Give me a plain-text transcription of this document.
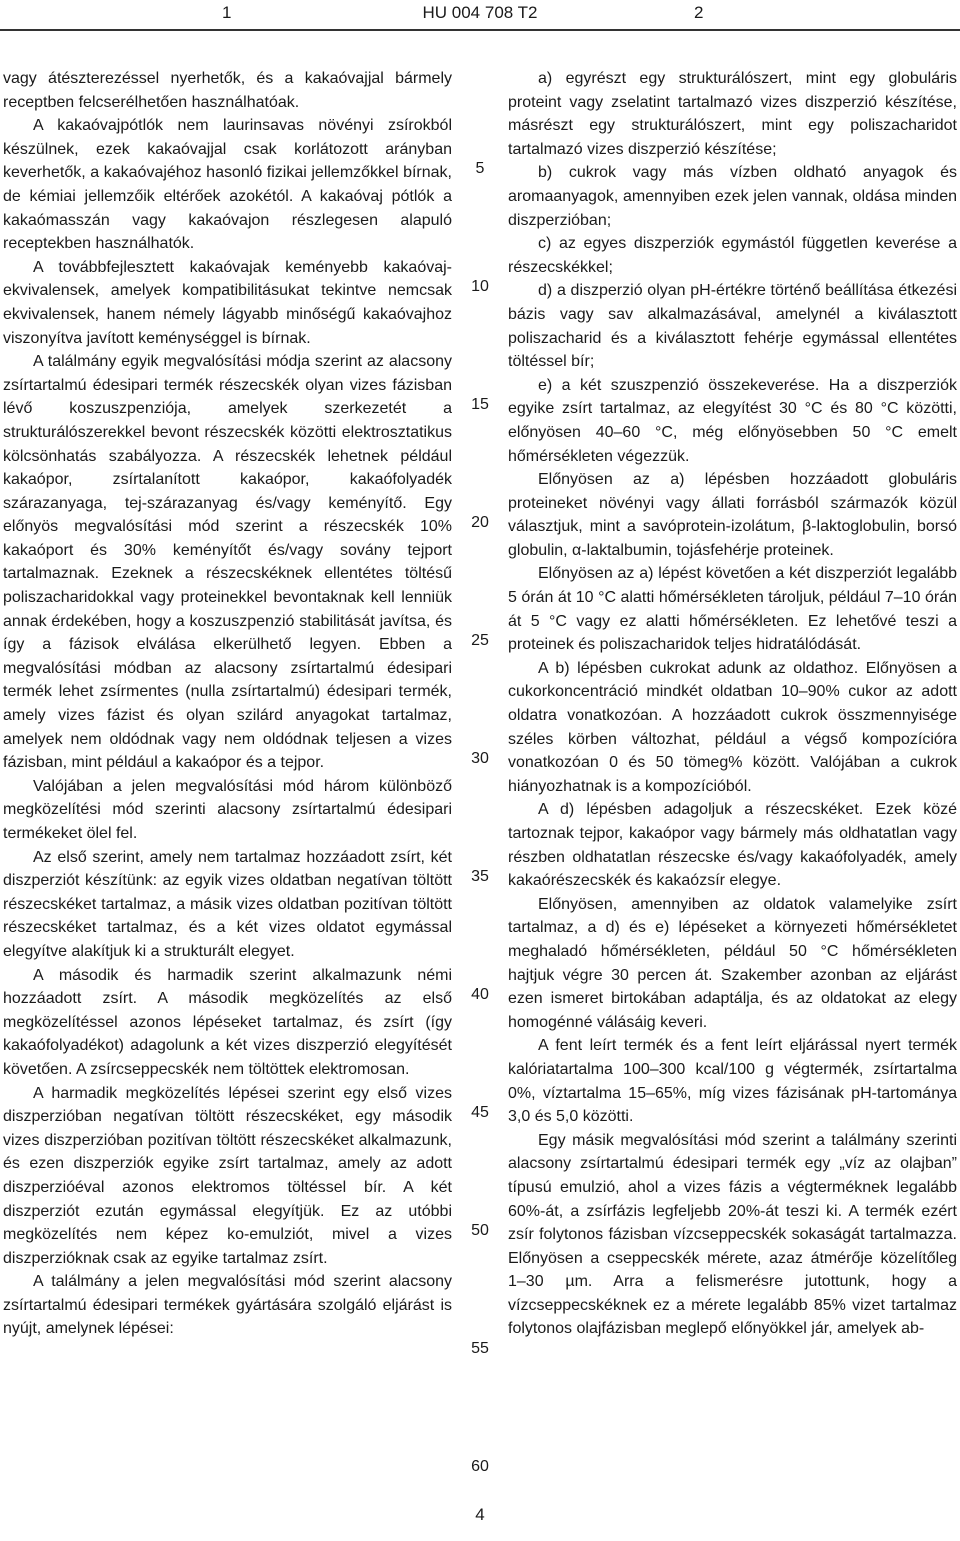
1	HU 004 708 T2	2

vagy átészterezéssel nyerhetők, és a kakaóvajjal bármely receptben felcserélhetően használhatóak.

A kakaóvajpótlók nem laurinsavas növényi zsírokból készülnek, ezek kakaóvajjal csak korlátozott arányban keverhetők, a kakaóvajéhoz hasonló fizikai jellemzőkkel bírnak, de kémiai jellemzőik eltérőek azokétól. A kakaóvaj pótlók a kakaómasszán vagy kakaóvajon részlegesen alapuló receptekben használhatók.

A továbbfejlesztett kakaóvajak keményebb kakaóvaj-ekvivalensek, amelyek kompatibilitásukat tekintve nemcsak ekvivalensek, hanem némely lágyabb minőségű kakaóvajhoz viszonyítva javított keménységgel is bírnak.

A találmány egyik megvalósítási módja szerint az alacsony zsírtartalmú édesipari termék részecskék olyan vizes fázisban lévő koszuszpenziója, amelyek szerkezetét a strukturálószerekkel bevont részecskék közötti elektrosztatikus kölcsönhatás szabályozza. A részecskék lehetnek például kakaópor, zsírtalanított kakaópor, kakaófolyadék szárazanyaga, tej-szárazanyag és/vagy keményítő. Egy előnyös megvalósítási mód szerint a részecskék 10% kakaóport és 30% keményítőt és/vagy sovány tejport tartalmaznak. Ezeknek a részecskéknek ellentétes töltésű poliszacharidokkal vagy proteinekkel bevontaknak kell lenniük annak érdekében, hogy a koszuszpenzió stabilitását javítsa, és így a fázisok elválása elkerülhető legyen. Ebben a megvalósítási módban az alacsony zsírtartalmú édesipari termék lehet zsírmentes (nulla zsírtartalmú) édesipari termék, amely vizes fázist és olyan szilárd anyagokat tartalmaz, amelyek nem oldódnak vagy nem oldódnak teljesen a vizes fázisban, mint például a kakaópor és a tejpor.

Valójában a jelen megvalósítási mód három különböző megközelítési mód szerinti alacsony zsírtartalmú édesipari termékeket ölel fel.

Az első szerint, amely nem tartalmaz hozzáadott zsírt, két diszperziót készítünk: az egyik vizes oldatban negatívan töltött részecskéket tartalmaz, a másik vizes oldatban pozitívan töltött részecskéket tartalmaz, és a két vizes oldatot egymással elegyítve alakítjuk ki a strukturált elegyet.

A második és harmadik szerint alkalmazunk némi hozzáadott zsírt. A második megközelítés az első megközelítéssel azonos lépéseket tartalmaz, és zsírt (így kakaófolyadékot) adagolunk a két vizes diszperzió elegyítését követően. A zsírcseppecskék nem töltöttek elektromosan.

A harmadik megközelítés lépései szerint egy első vizes diszperzióban negatívan töltött részecskéket, egy második vizes diszperzióban pozitívan töltött részecskéket alkalmazunk, és ezen diszperziók egyike zsírt tartalmaz, amely az adott diszperzióéval azonos elektromos töltéssel bír. A két diszperziót ezután egymással elegyítjük. Ez az utóbbi megközelítés nem képez ko-emulziót, mivel a vizes diszperzióknak csak az egyike tartalmaz zsírt.

A találmány a jelen megvalósítási mód szerint alacsony zsírtartalmú édesipari termékek gyártására szolgáló eljárást is nyújt, amelynek lépései:

5
10
15
20
25
30
35
40
45
50
55
60

a) egyrészt egy strukturálószert, mint egy globuláris proteint vagy zselatint tartalmazó vizes diszperzió készítése, másrészt egy strukturálószert, mint egy poliszacharidot tartalmazó vizes diszperzió készítése;

b) cukrok vagy más vízben oldható anyagok és aromaanyagok, amennyiben ezek jelen vannak, oldása minden diszperzióban;

c) az egyes diszperziók egymástól független keverése a részecskékkel;

d) a diszperzió olyan pH-értékre történő beállítása étkezési bázis vagy sav alkalmazásával, amelynél a kiválasztott poliszacharid és a kiválasztott fehérje egymással ellentétes töltéssel bír;

e) a két szuszpenzió összekeverése. Ha a diszperziók egyike zsírt tartalmaz, az elegyítést 30 °C és 80 °C közötti, előnyösen 40–60 °C, még előnyösebben 50 °C emelt hőmérsékleten végezzük.

Előnyösen az a) lépésben hozzáadott globuláris proteineket növényi vagy állati forrásból származók közül választjuk, mint a savóprotein-izolátum, β-laktoglobulin, borsó globulin, α-laktalbumin, tojásfehérje proteinek.

Előnyösen az a) lépést követően a két diszperziót legalább 5 órán át 10 °C alatti hőmérsékleten tároljuk, például 7–10 órán át 5 °C vagy ez alatti hőmérsékleten. Ez lehetővé teszi a proteinek és poliszacharidok teljes hidratálódását.

A b) lépésben cukrokat adunk az oldathoz. Előnyösen a cukorkoncentráció mindkét oldatban 10–90% cukor az adott oldatra vonatkozóan. A hozzáadott cukrok összmennyisége széles körben változhat, például a végső kompozícióra vonatkozóan 0 és 50 tömeg% között. Valójában a cukrok hiányozhatnak is a kompozícióból.

A d) lépésben adagoljuk a részecskéket. Ezek közé tartoznak tejpor, kakaópor vagy bármely más oldhatatlan vagy részben oldhatatlan részecske és/vagy kakaófolyadék, amely kakaórészecskék és kakaózsír elegye.

Előnyösen, amennyiben az oldatok valamelyike zsírt tartalmaz, a d) és e) lépéseket a környezeti hőmérsékletet meghaladó hőmérsékleten, például 50 °C hőmérsékleten hajtjuk végre 30 percen át. Szakember azonban az eljárást ezen ismeret birtokában adaptálja, és az oldatokat az elegy homogénné válásáig keveri.

A fent leírt termék és a fent leírt eljárással nyert termék kalóriatartalma 100–300 kcal/100 g végtermék, zsírtartalma 0%, víztartalma 15–65%, míg vizes fázisának pH-tartománya 3,0 és 5,0 közötti.

Egy másik megvalósítási mód szerint a találmány szerinti alacsony zsírtartalmú édesipari termék egy „víz az olajban” típusú emulzió, ahol a vizes fázis a végterméknek legalább 60%-át, a zsírfázis legfeljebb 20%-át teszi ki. A termék ezért zsír folytonos fázisban vízcseppecskék sokaságát tartalmazza. Előnyösen a cseppecskék mérete, azaz átmérője közelítőleg 1–30 µm. Arra a felismerésre jutottunk, hogy a vízcseppecskéknek ez a mérete legalább 85% vizet tartalmaz folytonos olajfázisban meglepő előnyökkel jár, amelyek ab-

4
